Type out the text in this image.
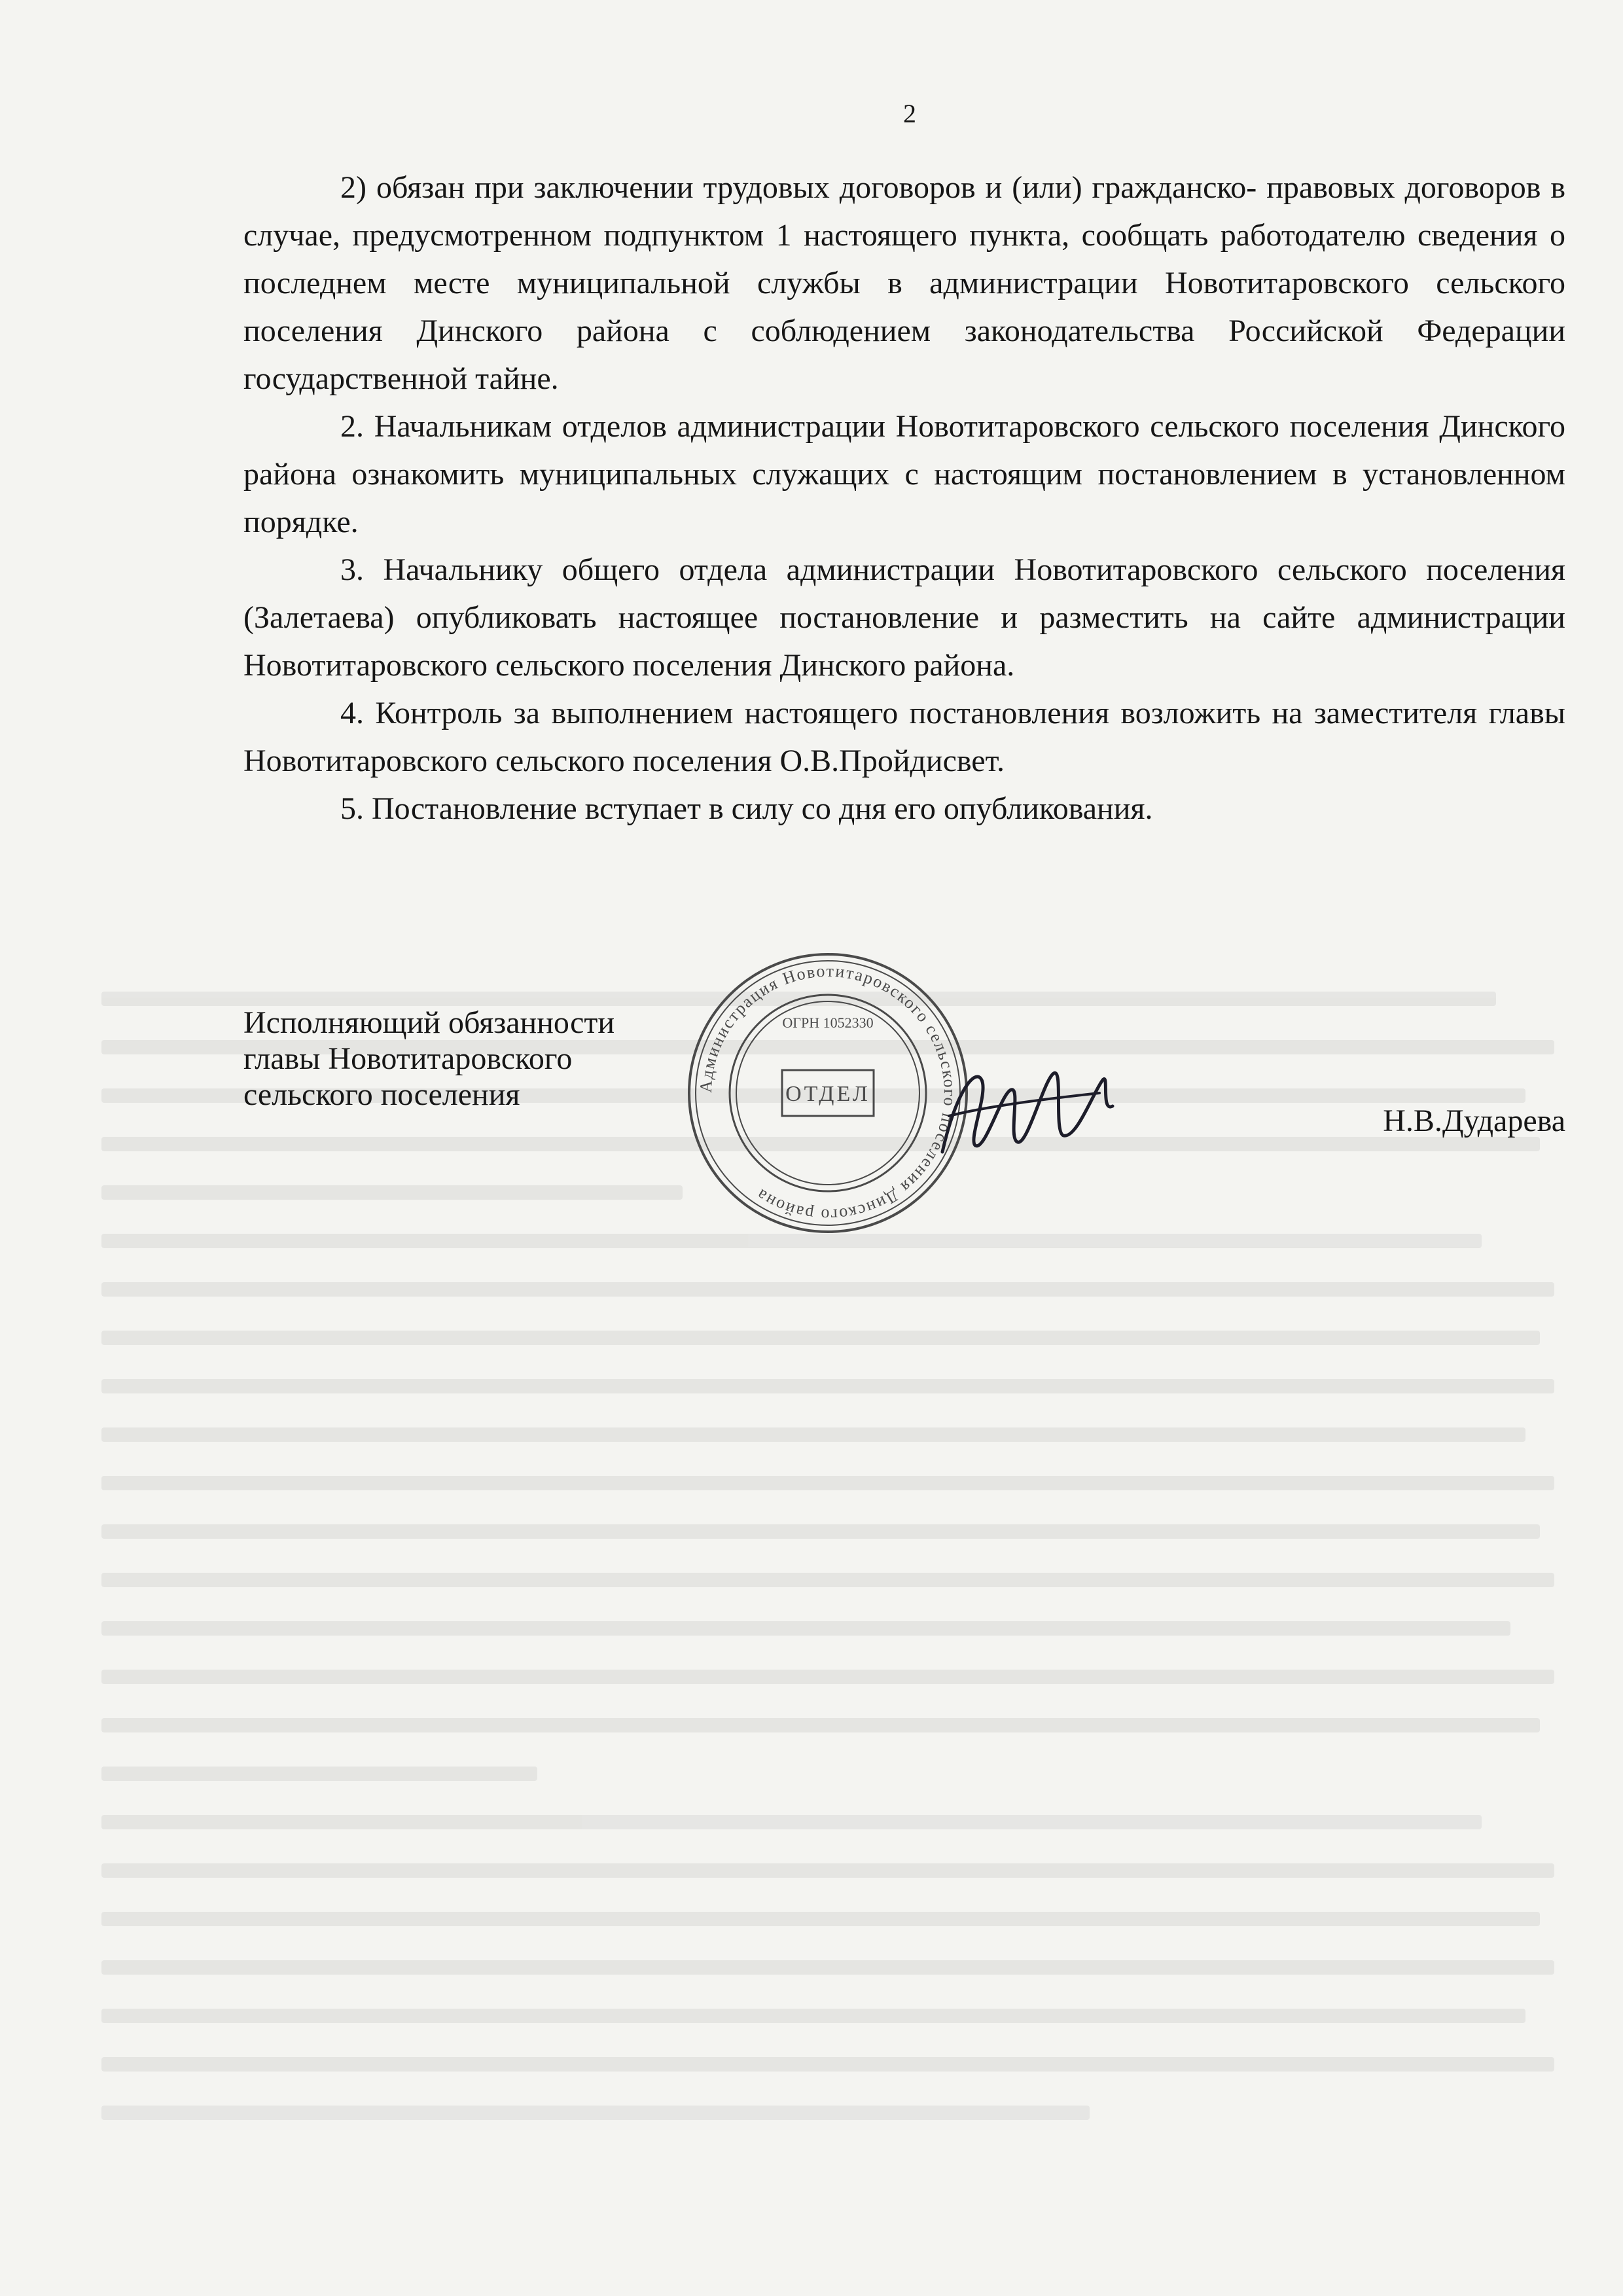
2

2) обязан при заключении трудовых договоров и (или) гражданско- правовых договоров в случае, предусмотренном подпунктом 1 настоящего пункта, сообщать работодателю сведения о последнем месте муниципальной службы в администрации Новотитаровского сельского поселения Динского района с соблюдением законодательства Российской Федерации государственной тайне.

2. Начальникам отделов администрации Новотитаровского сельского поселения Динского района ознакомить муниципальных служащих с настоящим постановлением в установленном порядке.

3. Начальнику общего отдела администрации Новотитаровского сельского поселения (Залетаева) опубликовать настоящее постановление и разместить на сайте администрации Новотитаровского сельского поселения Динского района.

4. Контроль за выполнением настоящего постановления возложить на заместителя главы Новотитаровского сельского поселения О.В.Пройдисвет.

5. Постановление вступает в силу со дня его опубликования.

Исполняющий обязанности
главы Новотитаровского
сельского поселения
Н.В.Дударева
Администрация Новотитаровского сельского поселения Динского района
ОТДЕЛ
ОГРН 1052330
